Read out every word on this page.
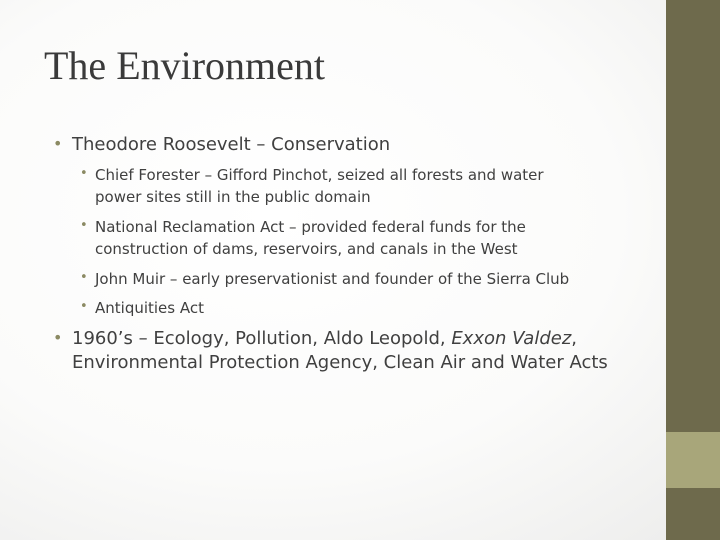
The Environment
• Theodore Roosevelt – Conservation
• Chief Forester – Gifford Pinchot, seized all forests and water
power sites still in the public domain
• National Reclamation Act – provided federal funds for the
construction of dams, reservoirs, and canals in the West
• John Muir – early preservationist and founder of the Sierra Club
• Antiquities Act
• 1960’s – Ecology, Pollution, Aldo Leopold, Exxon Valdez,
Environmental Protection Agency, Clean Air and Water Acts
